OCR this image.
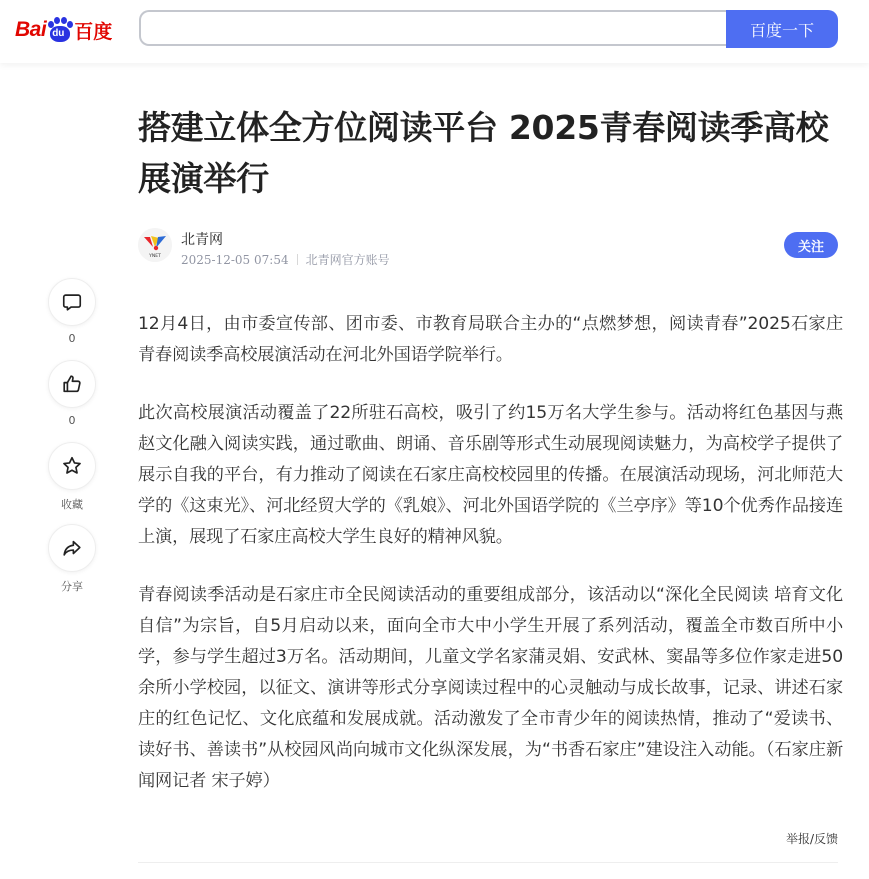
Bai du 百度	百度一下
搭建立体全方位阅读平台 2025青春阅读季高校展演举行
YNET
北青网
2025-12-05 07:54 北青网官方账号
关注
0
0
收藏
分享

12月4日，由市委宣传部、团市委、市教育局联合主办的“点燃梦想，阅读青春”2025石家庄青春阅读季高校展演活动在河北外国语学院举行。

此次高校展演活动覆盖了22所驻石高校，吸引了约15万名大学生参与。活动将红色基因与燕赵文化融入阅读实践，通过歌曲、朗诵、音乐剧等形式生动展现阅读魅力，为高校学子提供了展示自我的平台，有力推动了阅读在石家庄高校校园里的传播。在展演活动现场，河北师范大学的《这束光》、河北经贸大学的《乳娘》、河北外国语学院的《兰亭序》等10个优秀作品接连上演，展现了石家庄高校大学生良好的精神风貌。

青春阅读季活动是石家庄市全民阅读活动的重要组成部分，该活动以“深化全民阅读 培育文化自信”为宗旨，自5月启动以来，面向全市大中小学生开展了系列活动，覆盖全市数百所中小学，参与学生超过3万名。活动期间，儿童文学名家蒲灵娟、安武林、窦晶等多位作家走进50余所小学校园，以征文、演讲等形式分享阅读过程中的心灵触动与成长故事，记录、讲述石家庄的红色记忆、文化底蕴和发展成就。活动激发了全市青少年的阅读热情，推动了“爱读书、读好书、善读书”从校园风尚向城市文化纵深发展，为“书香石家庄”建设注入动能。（石家庄新闻网记者 宋子婷）

举报/反馈
